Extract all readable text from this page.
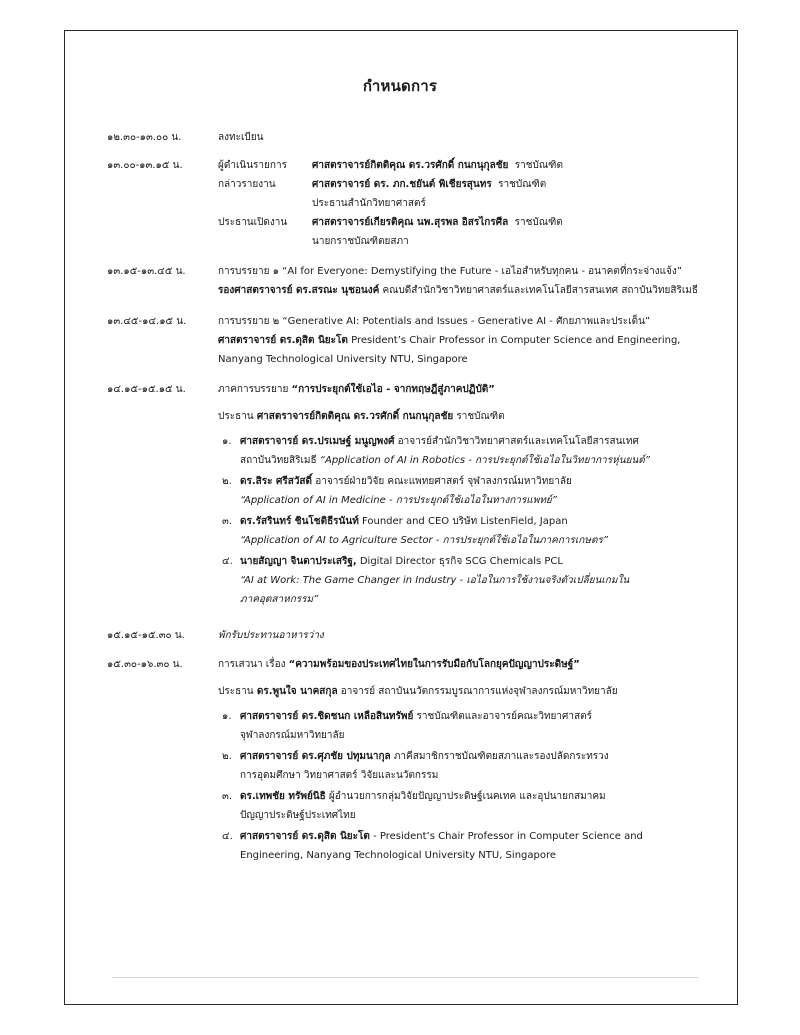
กำหนดการ
๑๒.๓๐-๑๓.๐๐ น.	ลงทะเบียน
๑๓.๐๐-๑๓.๑๕ น.	ผู้ดำเนินรายการ	ศาสตราจารย์กิตติคุณ ดร.วรศักดิ์ กนกนุกุลชัย ราชบัณฑิต
กล่าวรายงาน	ศาสตราจารย์ ดร. ภก.ชยันต์ พิเชียรสุนทร ราชบัณฑิต
ประธานสำนักวิทยาศาสตร์
ประธานเปิดงาน	ศาสตราจารย์เกียรติคุณ นพ.สุรพล อิสรไกรศีล ราชบัณฑิต
นายกราชบัณฑิตยสภา
๑๓.๑๕-๑๓.๔๕ น.	การบรรยาย ๑ “AI for Everyone: Demystifying the Future - เอไอสำหรับทุกคน - อนาคตที่กระจ่างแจ้ง”
รองศาสตราจารย์ ดร.สรณะ นุชอนงค์ คณบดีสำนักวิชาวิทยาศาสตร์และเทคโนโลยีสารสนเทศ สถาบันวิทยสิริเมธี
๑๓.๔๕-๑๔.๑๕ น.	การบรรยาย ๒ “Generative AI: Potentials and Issues - Generative AI - ศักยภาพและประเด็น”
ศาสตราจารย์ ดร.ดุสิต นิยะโต President’s Chair Professor in Computer Science and Engineering,
Nanyang Technological University NTU, Singapore
๑๔.๑๕-๑๕.๑๕ น.	ภาคการบรรยาย “การประยุกต์ใช้เอไอ - จากทฤษฎีสู่ภาคปฏิบัติ”
ประธาน ศาสตราจารย์กิตติคุณ ดร.วรศักดิ์ กนกนุกุลชัย ราชบัณฑิต
๑. ศาสตราจารย์ ดร.ปรเมษฐ์ มนูญพงศ์ อาจารย์สำนักวิชาวิทยาศาสตร์และเทคโนโลยีสารสนเทศ
สถาบันวิทยสิริเมธี “Application of AI in Robotics - การประยุกต์ใช้เอไอในวิทยาการหุ่นยนต์”
๒. ดร.สิระ ศรีสวัสดิ์ อาจารย์ฝ่ายวิจัย คณะแพทยศาสตร์ จุฬาลงกรณ์มหาวิทยาลัย
“Application of AI in Medicine - การประยุกต์ใช้เอไอในทางการแพทย์”
๓. ดร.รัสรินทร์ ชินโชติธีรนันท์ Founder and CEO บริษัท ListenField, Japan
“Application of AI to Agriculture Sector - การประยุกต์ใช้เอไอในภาคการเกษตร”
๔. นายสัญญา จินดาประเสริฐ, Digital Director ธุรกิจ SCG Chemicals PCL
“AI at Work: The Game Changer in Industry - เอไอในการใช้งานจริงตัวเปลี่ยนเกมใน
ภาคอุตสาหกรรม”
๑๕.๑๕-๑๕.๓๐ น.	พักรับประทานอาหารว่าง
๑๕.๓๐-๑๖.๓๐ น.	การเสวนา เรื่อง “ความพร้อมของประเทศไทยในการรับมือกับโลกยุคปัญญาประดิษฐ์”
ประธาน ดร.พูนใจ นาคสกุล อาจารย์ สถาบันนวัตกรรมบูรณาการแห่งจุฬาลงกรณ์มหาวิทยาลัย
๑. ศาสตราจารย์ ดร.ชิดชนก เหลือสินทรัพย์ ราชบัณฑิตและอาจารย์คณะวิทยาศาสตร์
จุฬาลงกรณ์มหาวิทยาลัย
๒. ศาสตราจารย์ ดร.ศุภชัย ปทุมนากุล ภาคีสมาชิกราชบัณฑิตยสภาและรองปลัดกระทรวง
การอุดมศึกษา วิทยาศาสตร์ วิจัยและนวัตกรรม
๓. ดร.เทพชัย ทรัพย์นิธิ ผู้อำนวยการกลุ่มวิจัยปัญญาประดิษฐ์เนคเทค และอุปนายกสมาคม
ปัญญาประดิษฐ์ประเทศไทย
๔. ศาสตราจารย์ ดร.ดุสิต นิยะโต - President’s Chair Professor in Computer Science and
Engineering, Nanyang Technological University NTU, Singapore
